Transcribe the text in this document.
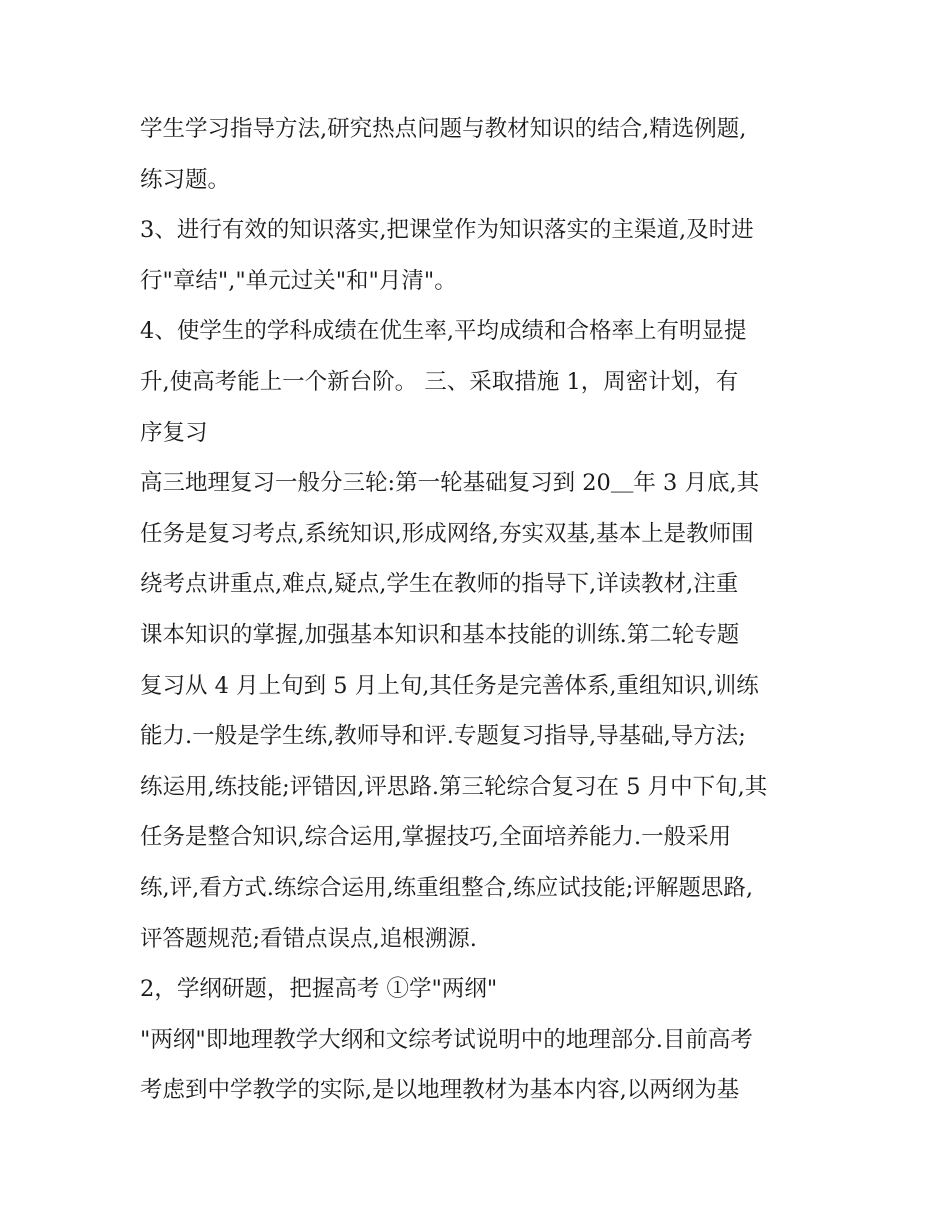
学生学习指导方法,研究热点问题与教材知识的结合,精选例题,
练习题。
3、进行有效的知识落实,把课堂作为知识落实的主渠道,及时进
行"章结","单元过关"和"月清"。
4、使学生的学科成绩在优生率,平均成绩和合格率上有明显提
升,使高考能上一个新台阶。 三、采取措施 1，周密计划，有
序复习
高三地理复习一般分三轮:第一轮基础复习到 20＿年 3 月底,其
任务是复习考点,系统知识,形成网络,夯实双基,基本上是教师围
绕考点讲重点,难点,疑点,学生在教师的指导下,详读教材,注重
课本知识的掌握,加强基本知识和基本技能的训练.第二轮专题
复习从 4 月上旬到 5 月上旬,其任务是完善体系,重组知识,训练
能力.一般是学生练,教师导和评.专题复习指导,导基础,导方法;
练运用,练技能;评错因,评思路.第三轮综合复习在 5 月中下旬,其
任务是整合知识,综合运用,掌握技巧,全面培养能力.一般采用
练,评,看方式.练综合运用,练重组整合,练应试技能;评解题思路,
评答题规范;看错点误点,追根溯源.
2，学纲研题，把握高考 ①学"两纲"
"两纲"即地理教学大纲和文综考试说明中的地理部分.目前高考
考虑到中学教学的实际,是以地理教材为基本内容,以两纲为基
